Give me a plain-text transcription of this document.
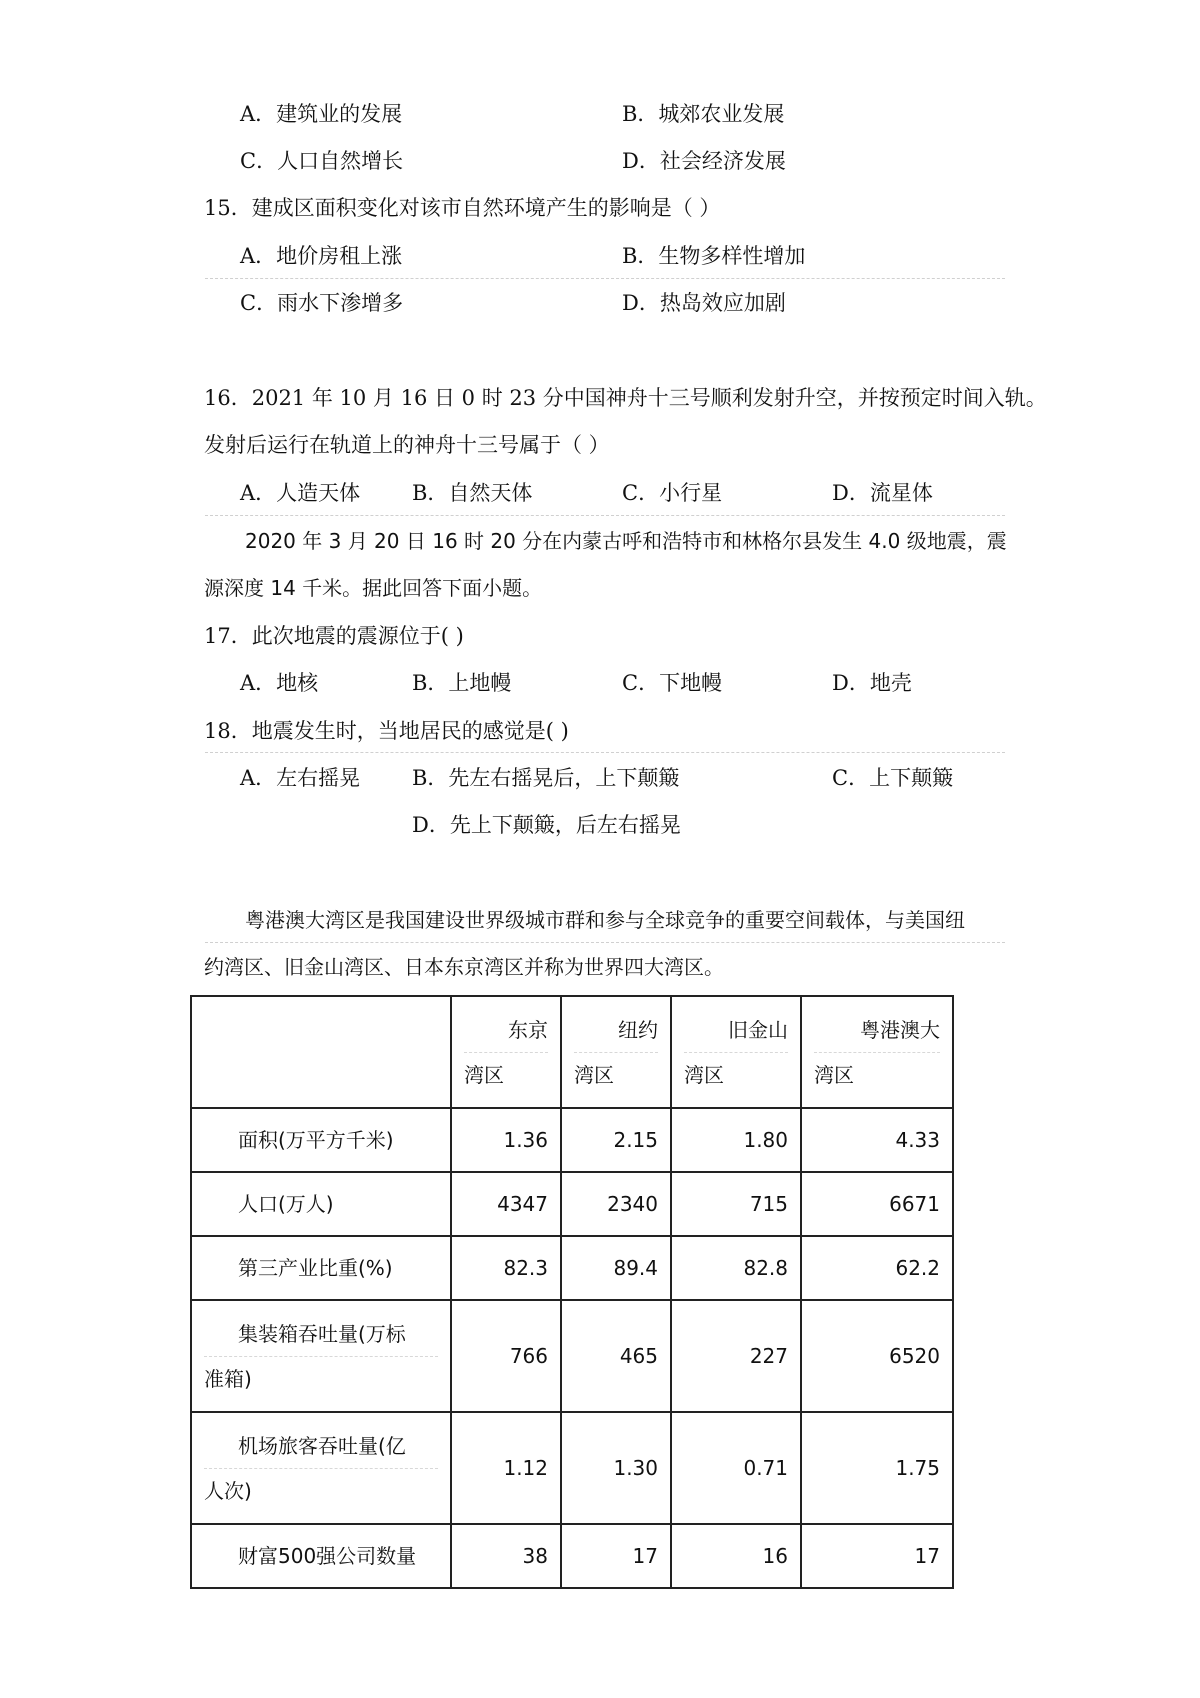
A．建筑业的发展	B．城郊农业发展
C．人口自然增长	D．社会经济发展
15．建成区面积变化对该市自然环境产生的影响是（ ）
A．地价房租上涨	B．生物多样性增加
C．雨水下渗增多	D．热岛效应加剧
16．2021 年 10 月 16 日 0 时 23 分中国神舟十三号顺利发射升空，并按预定时间入轨。
发射后运行在轨道上的神舟十三号属于（ ）
A．人造天体 B．自然天体	C．小行星	D．流星体
2020 年 3 月 20 日 16 时 20 分在内蒙古呼和浩特市和林格尔县发生 4.0 级地震，震
源深度 14 千米。据此回答下面小题。
17．此次地震的震源位于( )
A．地核	B．上地幔	C．下地幔	D．地壳
18．地震发生时，当地居民的感觉是( )
A．左右摇晃 B．先左右摇晃后，上下颠簸	C．上下颠簸
D．先上下颠簸，后左右摇晃
粤港澳大湾区是我国建设世界级城市群和参与全球竞争的重要空间载体，与美国纽
约湾区、旧金山湾区、日本东京湾区并称为世界四大湾区。

	东京
湾区	纽约
湾区	旧金山
湾区	粤港澳大
湾区

面积(万平方千米)	1.36	2.15	1.80	4.33

人口(万人)	4347	2340	715	6671

第三产业比重(%)	82.3	89.4	82.8	62.2

集装箱吞吐量(万标
准箱)	766	465	227	6520

机场旅客吞吐量(亿
人次)	1.12	1.30	0.71	1.75

财富500强公司数量	38	17	16	17
